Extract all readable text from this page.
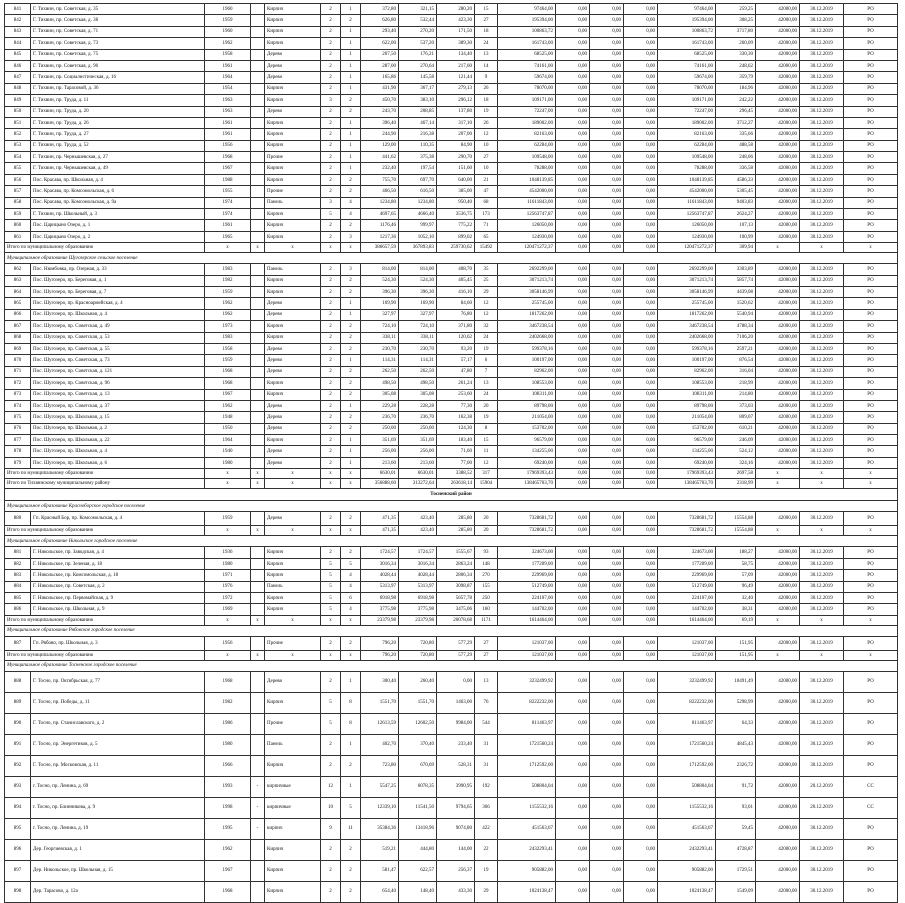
841	Г. Тихвин, пр. Советская, д. 35	1960		Кирпич	2	1	372,80	321,15	280,20	15	97464,00	0,00	0,00	0,00	97464,00	259,25	42000,00	30.12.2019	РО
842	Г. Тихвин, пр. Советская, д. 38	1959		Кирпич	2	2	626,80	532,44	423,30	27	195394,00	0,00	0,00	0,00	195394,00	308,25	42000,00	30.12.2019	РО
843	Г. Тихвин, пр. Советская, д. 71	1960		Кирпич	2	1	293,40	270,20	171,50	18	100863,72	0,00	0,00	0,00	100863,72	3717,80	42000,00	30.12.2019	РО
844	Г. Тихвин, пр. Советская, д. 73	1962		Кирпич	2	1	622,00	537,20	389,30	24	161743,00	0,00	0,00	0,00	161743,00	260,09	42000,00	30.12.2019	РО
845	Г. Тихвин, пр. Советская, д. 75	1958		Дерево	2	1	207,50	176,21	134,40	13	68525,00	0,00	0,00	0,00	68525,00	330,30	42000,00	30.12.2019	РО
846	Г. Тихвин, пр. Советская, д. 96	1961		Дерево	2	1	287,00	270,64	217,60	14	74161,00	0,00	0,00	0,00	74161,00	248,62	42000,00	30.12.2019	РО
847	Г. Тихвин, пр. Социалистическая, д. 16	1964		Дерево	2	1	165,86	145,58	121,44	9	59674,00	0,00	0,00	0,00	59674,00	359,79	42000,00	30.12.2019	РО
848	Г. Тихвин, пр. Тарасовой, д. 36	1954		Кирпич	2	1	431,90	367,17	279,13	26	78070,00	0,00	0,00	0,00	78070,00	184,96	42000,00	30.12.2019	РО
849	Г. Тихвин, пр. Труда, д. 11	1963		Кирпич	3	2	450,70	383,10	296,12	18	109171,00	0,00	0,00	0,00	109171,00	242,22	42000,00	30.12.2019	РО
850	Г. Тихвин, пр. Труда, д. 20	1963		Дерево	2	2	243,70	208,85	137,80	19	72247,00	0,00	0,00	0,00	72247,00	296,45	42000,00	30.12.2019	РО
851	Г. Тихвин, пр. Труда, д. 26	1961		Кирпич	2	1	396,40	467,14	317,10	26	189002,00	0,00	0,00	0,00	189002,00	3712,27	42000,00	30.12.2019	РО
852	Г. Тихвин, пр. Труда, д. 27	1961		Кирпич	2	1	244,90	216,38	207,00	12	82163,00	0,00	0,00	0,00	82163,00	335,66	42000,00	30.12.2019	РО
853	Г. Тихвин, пр. Труда, д. 52	1956		Кирпич	2	1	129,00	110,35	84,90	10	62284,00	0,00	0,00	0,00	62284,00	488,58	42000,00	30.12.2019	РО
854	Г. Тихвин, пр. Чернышевская, д. 27	1968		Прочие	2	1	441,62	375,38	290,70	27	109548,00	0,00	0,00	0,00	109548,00	248,06	42000,00	30.12.2019	РО
855	Г. Тихвин, пр. Чернышевская, д. 49	1967		Кирпич	2	1	232,40	197,54	151,60	10	78288,00	0,00	0,00	0,00	78288,00	336,58	42000,00	30.12.2019	РО
856	Пос. Красава, пр. Школьная, д. 4	1988		Кирпич	2	2	755,70	697,70	640,00	21	1048139,85	0,00	0,00	0,00	1048139,85	4586,33	42000,00	30.12.2019	РО
857	Пос. Красава, пр. Комсомольская, д. 6	1955		Прочие	2	2	466,50	616,50	385,00	47	4542000,00	0,00	0,00	0,00	4542000,00	5305,45	42000,00	30.12.2019	РО
858	Пос. Красава, пр. Комсомольская, д. 9а	1974		Панель	3	4	1234,80	1234,80	950,40	68	11611843,00	0,00	0,00	0,00	11611843,00	9403,83	42000,00	30.12.2019	РО
859	Г. Тихвин, пр. Школьный, д. 3	1974		Кирпич	5	4	4697,65	4666,40	3536,75	173	12563747,87	0,00	0,00	0,00	12563747,87	2624,27	42000,00	30.12.2019	РО
860	Пос. Царицыно Озеро, д. 1	1961		Кирпич	2	2	1176,46	999,97	775,22	71	126050,00	0,00	0,00	0,00	126050,00	107,13	42000,00	30.12.2019	РО
861	Пос. Царицыно Озеро, д. 2	1965		Кирпич	2	3	1217,36	1052,10	899,02	65	124930,00	0,00	0,00	0,00	124930,00	100,99	42000,00	30.12.2019	РО
Итого по муниципальному образованию		x	x	x	x	x	386657,59	367893,83	259730,62	15492	120471272,37	0,00	0,00	0,00	120471272,37	309,94	x	x	x
Муниципальное образование Шугозерское сельское поселение																			
862	Пос. Нюмбовка, пр. Озерная, д. 33	1983		Панель	2	3	814,00	814,00	408,70	35	2692299,00	0,00	0,00	0,00	2692299,00	3303,89	42000,00	30.12.2019	РО
863	Пос. Шугозеро, пр. Береговая, д. 1	1982		Кирпич	2	2	524,30	524,30	405,45	25	3071213,74	0,00	0,00	0,00	3071213,74	5857,74	42000,00	30.12.2019	РО
864	Пос. Шугозеро, пр. Береговая, д. 7	1959		Кирпич	2	2	396,30	396,30	416,10	29	3058146,99	0,00	0,00	0,00	3058146,99	4439,08	42000,00	30.12.2019	РО
865	Пос. Шугозеро, пр. Красноармейская, д. 4	1962		Дерево	2	1	169,90	169,90	84,60	12	255745,00	0,00	0,00	0,00	255745,00	1520,62	42000,00	30.12.2019	РО
866	Пос. Шугозеро, пр. Школьная, д. 4	1962		Дерево	2	1	327,97	327,97	76,80	12	1817262,00	0,00	0,00	0,00	1817262,00	5540,94	42000,00	30.12.2019	РО
867	Пос. Шугозеро, пр. Советская, д. 49	1973		Кирпич	2	2	724,10	724,10	371,80	32	3467238,54	0,00	0,00	0,00	3467238,54	4788,34	42000,00	30.12.2019	РО
868	Пос. Шугозеро, пр. Советская, д. 53	1983		Кирпич	2	2	338,11	338,11	120,62	24	2402668,00	0,00	0,00	0,00	2402668,00	7106,20	42000,00	30.12.2019	РО
869	Пос. Шугозеро, пр. Советская, д. 55	1958		Дерево	2	2	230,70	230,70	93,20	19	599378,16	0,00	0,00	0,00	599378,16	2597,21	42000,00	30.12.2019	РО
870	Пос. Шугозеро, пр. Советская, д. 73	1959		Дерево	2	1	114,31	114,31	57,17	6	100197,00	0,00	0,00	0,00	100197,00	876,54	42000,00	30.12.2019	РО
871	Пос. Шугозеро, пр. Советская, д. 121	1968		Дерево	2	2	262,50	262,50	47,80	7	82962,00	0,00	0,00	0,00	82962,00	316,04	42000,00	30.12.2019	РО
872	Пос. Шугозеро, пр. Советская, д. 96	1968		Кирпич	2	2	498,50	498,50	261,24	13	108553,00	0,00	0,00	0,00	108553,00	218,99	42000,00	30.12.2019	РО
873	Пос. Шугозеро, пр. Советская, д. 13	1967		Кирпич	2	2	305,08	305,08	253,60	24	108311,00	0,00	0,00	0,00	108311,00	214,80	42000,00	30.12.2019	РО
874	Пос. Шугозеро, пр. Советская, д. 37	1962		Дерево	2	1	229,28	228,28	77,30	20	89798,00	0,00	0,00	0,00	89798,00	373,03	42000,00	30.12.2019	РО
875	Пос. Шугозеро, пр. Школьная, д. 15	1948		Дерево	2	2	236,70	236,70	162,38	19	211054,00	0,00	0,00	0,00	211054,00	809,07	42000,00	30.12.2019	РО
876	Пос. Шугозеро, пр. Школьная, д. 2	1950		Дерево	2	2	250,00	250,00	124,30	8	153702,00	0,00	0,00	0,00	153702,00	610,21	42000,00	30.12.2019	РО
877	Пос. Шугозеро, пр. Школьная, д. 22	1964		Кирпич	2	1	351,69	351,69	183,40	15	96579,00	0,00	0,00	0,00	96579,00	246,09	42000,00	30.12.2019	РО
878	Пос. Шугозеро, пр. Школьная, д. 4	1940		Дерево	2	1	256,00	256,00	71,60	11	134255,00	0,00	0,00	0,00	134255,00	524,12	42000,00	30.12.2019	РО
879	Пос. Шугозеро, пр. Школьная, д. 6	1980		Дерево	2	1	213,60	213,60	77,00	12	69240,00	0,00	0,00	0,00	69240,00	324,16	42000,00	30.12.2019	РО
Итого по муниципальному образованию		x	x	x	x	x	6630,01	6630,01	3388,52	317	17969393,43	0,00	0,00	0,00	17969393,43	2697,58	x	x	x
Итого по Тихвинскому муниципальному району		x	x	x	x	x	356888,60	313272,64	263618,14	15904	138465703,70	0,00	0,00	0,00	138465703,70	2318,99	x	x	x
Тосненский район																			
Муниципальное образование Красноборское городское поселение																			
880	Гп. Красный Бор, пр. Комсомольская, д. 4	1959		Дерево	2	2	471,35	423,40	285,80	20	7328681,72	0,00	0,00	0,00	7328681,72	15554,88	42000,00	30.12.2019	РО
Итого по муниципальному образованию		x	x	x	x	x	471,35	423,40	285,80	20	7328681,72	0,00	0,00	0,00	7328681,72	15554,88	x	x	x
Муниципальное образование Никольское городское поселение																			
881	Г. Никольское, пр. Заводская, д. 4	1936		Кирпич	2	2	1724,57	1724,57	1555,67	93	324673,00	0,00	0,00	0,00	324673,00	188,27	42000,00	30.12.2019	РО
882	Г. Никольское, пр. Зеленая, д. 18	1980		Кирпич	5	5	3016,34	3016,34	2863,24	148	177209,00	0,00	0,00	0,00	177209,00	58,75	42000,00	30.12.2019	РО
883	Г. Никольское, пр. Комсомольская, д. 18	1971		Кирпич	5	4	4028,44	4028,44	2806,34	270	229969,00	0,00	0,00	0,00	229969,00	57,09	42000,00	30.12.2019	РО
884	Г. Никольское, пр. Советская, д. 2	1976		Панель	5	4	5313,97	5313,97	3098,87	155	512749,00	0,00	0,00	0,00	512749,00	96,49	42000,00	30.12.2019	РО
885	Г. Никольское, пр. Первомайская, д. 9	1972		Кирпич	5	6	6918,98	6918,98	5657,78	250	224107,00	0,00	0,00	0,00	224107,00	32,40	42000,00	30.12.2019	РО
886	Г. Никольское, пр. Школьная, д. 9	1969		Кирпич	5	4	3775,98	3775,98	3475,06	160	144702,00	0,00	0,00	0,00	144702,00	38,31	42000,00	30.12.2019	РО
Итого по муниципальному образованию		x	x	x	x	x	23379,98	23379,98	20078,68	1171	1614464,00	0,00	0,00	0,00	1614464,00	69,19	x	x	x
Муниципальное образование Рябовское городское поселение																			
887	Гп. Рябово, пр. Школьная, д. 3	1956		Прочие	2	2	796,20	720,80	577,29	27	121037,00	0,00	0,00	0,00	121037,00	151,95	42000,00	30.12.2019	РО
Итого по муниципальному образованию		x	x	x	x	x	796,20	720,80	577,29	27	121037,00	0,00	0,00	0,00	121037,00	151,95	x	x	x
Муниципальное образование Тосненское городское поселение																			
888	Г. Тосно, пр. Октябрьская, д. 77	1968		Дерево	2	1	300,40	260,40	0,00	13	3232499,92	0,00	0,00	0,00	3232499,92	10491,49	42000,00	30.12.2019	РО
889	Г. Тосно, пр. Победы, д. 11	1982		Кирпич	5	8	1551,70	1551,70	1463,00	76	8222232,00	0,00	0,00	0,00	8222232,00	5298,99	42000,00	30.12.2019	РО
890	Г. Тосно, пр. Станиславского, д. 2	1986		Прочие	5	8	12613,59	12602,50	9984,00	544	811463,97	0,00	0,00	0,00	811463,97	64,33	42000,00	30.12.2019	РО
891	Г. Тосно, пр. Энергетиков, д. 5	1980		Панель	2	1	402,70	370,40	233,40	31	1721560,24	0,00	0,00	0,00	1721560,24	4845,43	42000,00	30.12.2019	РО
892	Г. Тосно, пр. Московская, д. 11	1966		Кирпич	2	2	723,80	670,69	528,31	31	1712592,00	0,00	0,00	0,00	1712592,00	2326,72	42000,00	30.12.2019	РО
893	г. Тосно, пр. Ленина, д. 69	1993	-	кирпичные	12	1	5547,25	6078,35	3990,95	192	508804,04	0,00	0,00	0,00	508804,04	91,72	42000,00	20.12.2019	СС
894	г. Тосно, пр. Блинникова, д. 9	1998	-	кирпичные	10	5	12339,10	11541,50	9794,65	366	1155532,16	0,00	0,00	0,00	1155532,16	93,01	42000,00	20.12.2019	СС
895	г. Тосно, пр. Ленина, д. 19	1995	-	кирпич	9	11	35384,36	13418,96	9074,80	422	451563,67	0,00	0,00	0,00	451563,67	59,45	42000,00	30.12.2019	РО
896	Дер. Георгиевская, д. 1	1962		Кирпич	2	2	519,21	444,80	144,00	22	2432293,41	0,00	0,00	0,00	2432293,41	4728,87	42000,00	30.12.2019	РО
897	Дер. Никольское, пр. Школьная, д. 15	1967		Кирпич	2	2	581,47	622,57	256,37	19	905882,00	0,00	0,00	0,00	905882,00	1729,51	42000,00	30.12.2019	РО
898	Дер. Тарасово, д. 12а	1968		Кирпич	2	2	654,40	148,40	433,30	29	1024138,47	0,00	0,00	0,00	1024138,47	1549,09	42000,00	30.12.2019	РО
